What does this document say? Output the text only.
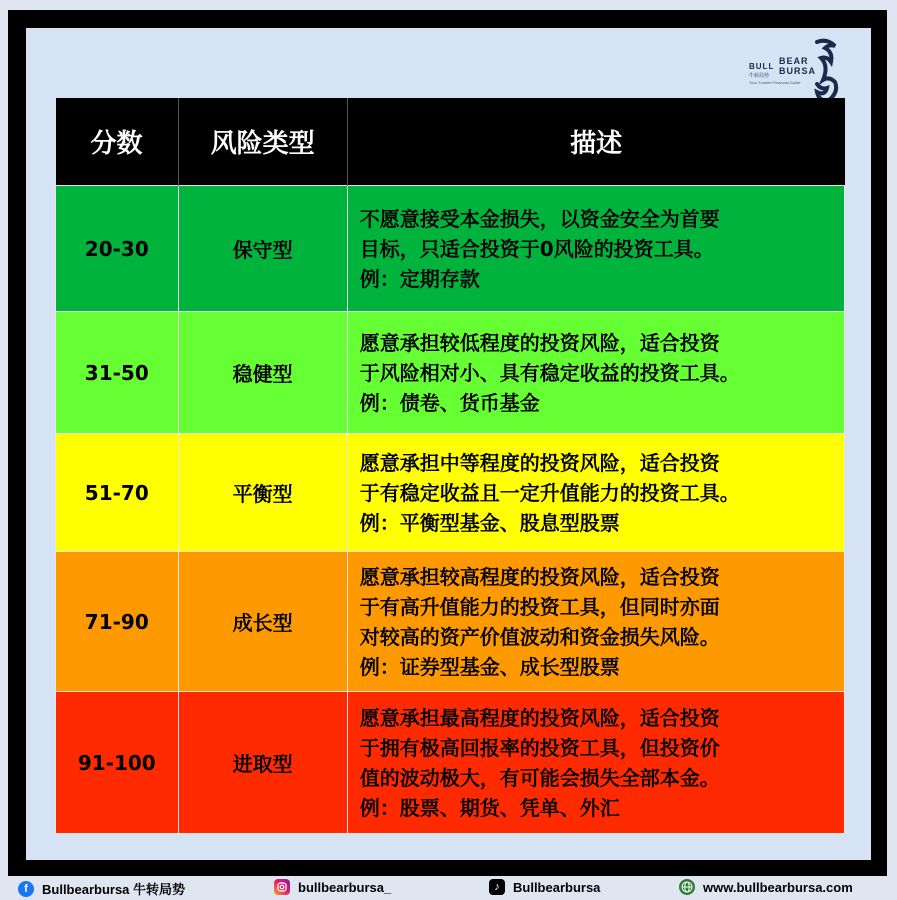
BULL
BEAR BURSA
牛转局势
Your Trusted Financial Guide
分数	风险类型	描述
20-30	保守型	不愿意接受本金损失，以资金安全为首要
目标，只适合投资于0风险的投资工具。
例：定期存款

31-50	稳健型	愿意承担较低程度的投资风险，适合投资
于风险相对小、具有稳定收益的投资工具。
例：债卷、货币基金

51-70	平衡型	愿意承担中等程度的投资风险，适合投资
于有稳定收益且一定升值能力的投资工具。
例：平衡型基金、股息型股票

71-90	成长型	愿意承担较高程度的投资风险，适合投资
于有高升值能力的投资工具，但同时亦面
对较高的资产价值波动和资金损失风险。
例：证券型基金、成长型股票

91-100	进取型	愿意承担最高程度的投资风险，适合投资
于拥有极高回报率的投资工具，但投资价
值的波动极大，有可能会损失全部本金。
例：股票、期货、凭单、外汇
f	Bullbearbursa 牛转局势	bullbearbursa_	♪	Bullbearbursa	www.bullbearbursa.com
